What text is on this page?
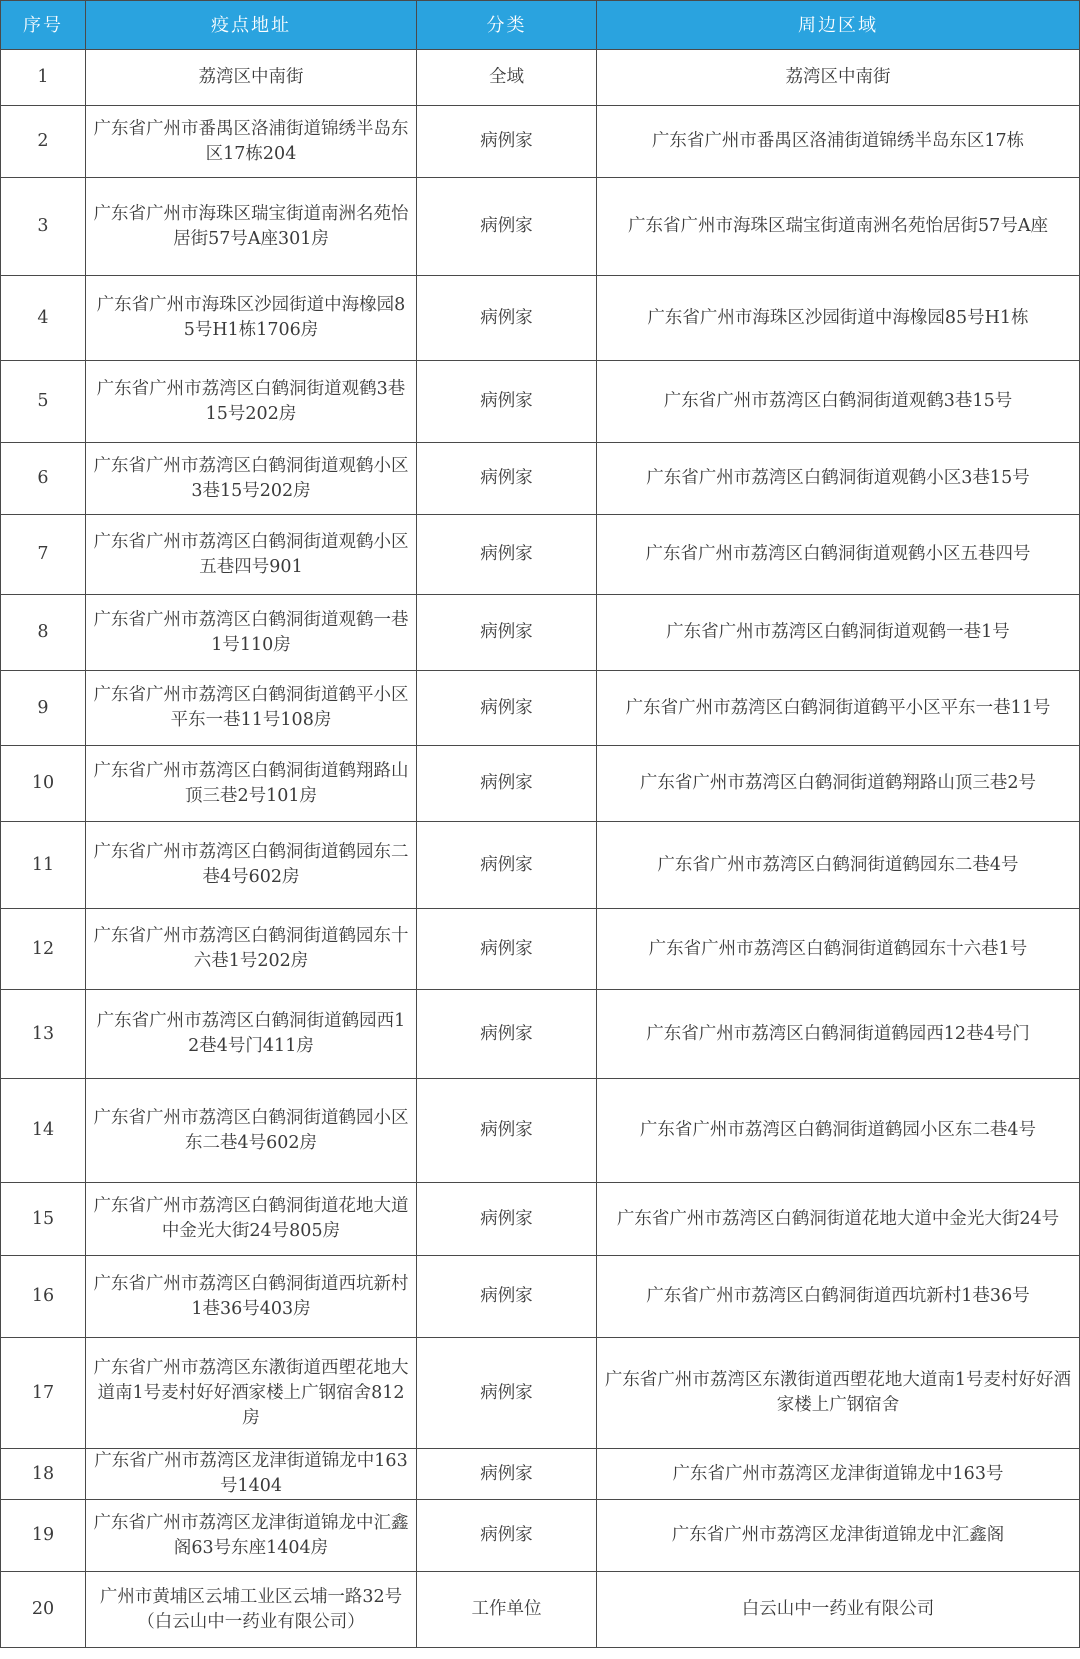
序号	疫点地址	分类	周边区域
1	荔湾区中南街	全域	荔湾区中南街
2	广东省广州市番禺区洛浦街道锦绣半岛东区17栋204	病例家	广东省广州市番禺区洛浦街道锦绣半岛东区17栋
3	广东省广州市海珠区瑞宝街道南洲名苑怡居街57号A座301房	病例家	广东省广州市海珠区瑞宝街道南洲名苑怡居街57号A座
4	广东省广州市海珠区沙园街道中海橡园85号H1栋1706房	病例家	广东省广州市海珠区沙园街道中海橡园85号H1栋
5	广东省广州市荔湾区白鹤洞街道观鹤3巷15号202房	病例家	广东省广州市荔湾区白鹤洞街道观鹤3巷15号
6	广东省广州市荔湾区白鹤洞街道观鹤小区3巷15号202房	病例家	广东省广州市荔湾区白鹤洞街道观鹤小区3巷15号
7	广东省广州市荔湾区白鹤洞街道观鹤小区五巷四号901	病例家	广东省广州市荔湾区白鹤洞街道观鹤小区五巷四号
8	广东省广州市荔湾区白鹤洞街道观鹤一巷1号110房	病例家	广东省广州市荔湾区白鹤洞街道观鹤一巷1号
9	广东省广州市荔湾区白鹤洞街道鹤平小区平东一巷11号108房	病例家	广东省广州市荔湾区白鹤洞街道鹤平小区平东一巷11号
10	广东省广州市荔湾区白鹤洞街道鹤翔路山顶三巷2号101房	病例家	广东省广州市荔湾区白鹤洞街道鹤翔路山顶三巷2号
11	广东省广州市荔湾区白鹤洞街道鹤园东二巷4号602房	病例家	广东省广州市荔湾区白鹤洞街道鹤园东二巷4号
12	广东省广州市荔湾区白鹤洞街道鹤园东十六巷1号202房	病例家	广东省广州市荔湾区白鹤洞街道鹤园东十六巷1号
13	广东省广州市荔湾区白鹤洞街道鹤园西12巷4号门411房	病例家	广东省广州市荔湾区白鹤洞街道鹤园西12巷4号门
14	广东省广州市荔湾区白鹤洞街道鹤园小区东二巷4号602房	病例家	广东省广州市荔湾区白鹤洞街道鹤园小区东二巷4号
15	广东省广州市荔湾区白鹤洞街道花地大道中金光大街24号805房	病例家	广东省广州市荔湾区白鹤洞街道花地大道中金光大街24号
16	广东省广州市荔湾区白鹤洞街道西坑新村1巷36号403房	病例家	广东省广州市荔湾区白鹤洞街道西坑新村1巷36号
17	广东省广州市荔湾区东漖街道西塱花地大道南1号麦村好好酒家楼上广钢宿舍812房	病例家	广东省广州市荔湾区东漖街道西塱花地大道南1号麦村好好酒家楼上广钢宿舍
18	广东省广州市荔湾区龙津街道锦龙中163号1404	病例家	广东省广州市荔湾区龙津街道锦龙中163号
19	广东省广州市荔湾区龙津街道锦龙中汇鑫阁63号东座1404房	病例家	广东省广州市荔湾区龙津街道锦龙中汇鑫阁
20	广州市黄埔区云埔工业区云埔一路32号（白云山中一药业有限公司）	工作单位	白云山中一药业有限公司
